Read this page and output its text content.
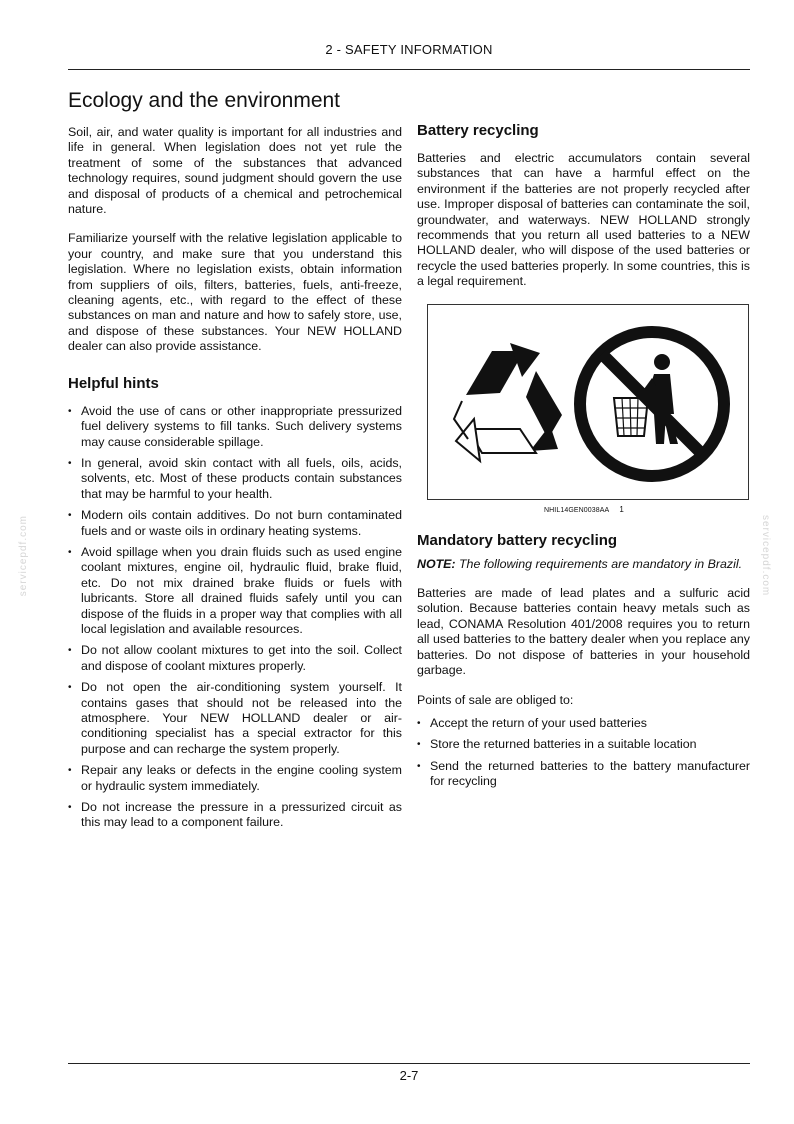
2 - SAFETY INFORMATION
servicepdf.com	servicepdf.com
Ecology and the environment

Soil, air, and water quality is important for all industries and life in general. When legislation does not yet rule the treatment of some of the substances that advanced technology requires, sound judgment should govern the use and disposal of products of a chemical and petrochemical nature.

Familiarize yourself with the relative legislation applicable to your country, and make sure that you understand this legislation. Where no legislation exists, obtain information from suppliers of oils, filters, batteries, fuels, anti-freeze, cleaning agents, etc., with regard to the effect of these substances on man and nature and how to safely store, use, and dispose of these substances. Your NEW HOLLAND dealer can also provide assistance.

Helpful hints
• Avoid the use of cans or other inappropriate pressurized fuel delivery systems to fill tanks. Such delivery systems may cause considerable spillage.
• In general, avoid skin contact with all fuels, oils, acids, solvents, etc. Most of these products contain substances that may be harmful to your health.
• Modern oils contain additives. Do not burn contaminated fuels and or waste oils in ordinary heating systems.
• Avoid spillage when you drain fluids such as used engine coolant mixtures, engine oil, hydraulic fluid, brake fluid, etc. Do not mix drained brake fluids or fuels with lubricants. Store all drained fluids safely until you can dispose of the fluids in a proper way that complies with all local legislation and available resources.
• Do not allow coolant mixtures to get into the soil. Collect and dispose of coolant mixtures properly.
• Do not open the air-conditioning system yourself. It contains gases that should not be released into the atmosphere. Your NEW HOLLAND dealer or air-conditioning specialist has a special extractor for this purpose and can recharge the system properly.
• Repair any leaks or defects in the engine cooling system or hydraulic system immediately.
• Do not increase the pressure in a pressurized circuit as this may lead to a component failure.
Battery recycling

Batteries and electric accumulators contain several substances that can have a harmful effect on the environment if the batteries are not properly recycled after use. Improper disposal of batteries can contaminate the soil, groundwater, and waterways. NEW HOLLAND strongly recommends that you return all used batteries to a NEW HOLLAND dealer, who will dispose of the used batteries or recycle the used batteries properly. In some countries, this is a legal requirement.

NHIL14GEN0038AA 1
Mandatory battery recycling

NOTE: The following requirements are mandatory in Brazil.

Batteries are made of lead plates and a sulfuric acid solution. Because batteries contain heavy metals such as lead, CONAMA Resolution 401/2008 requires you to return all used batteries to the battery dealer when you replace any batteries. Do not dispose of batteries in your household garbage.

Points of sale are obliged to:

• Accept the return of your used batteries
• Store the returned batteries in a suitable location
• Send the returned batteries to the battery manufacturer for recycling
2-7
